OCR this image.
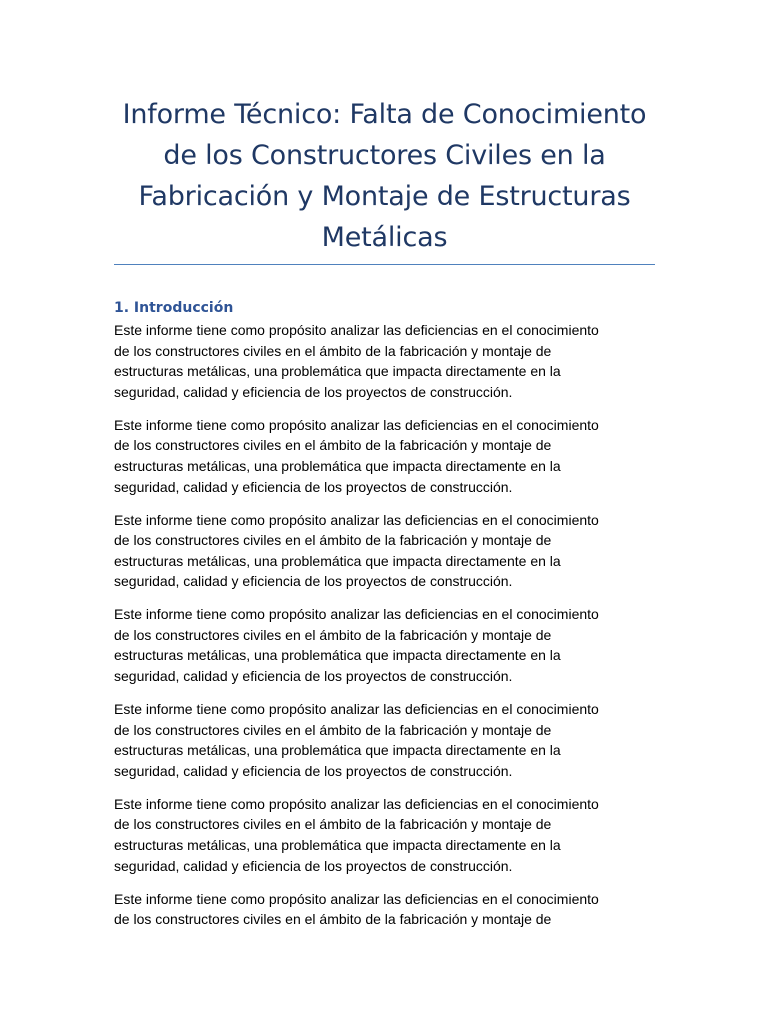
Informe Técnico: Falta de Conocimiento
de los Constructores Civiles en la
Fabricación y Montaje de Estructuras
Metálicas
1. Introducción

Este informe tiene como propósito analizar las deficiencias en el conocimiento
de los constructores civiles en el ámbito de la fabricación y montaje de
estructuras metálicas, una problemática que impacta directamente en la
seguridad, calidad y eficiencia de los proyectos de construcción.

Este informe tiene como propósito analizar las deficiencias en el conocimiento
de los constructores civiles en el ámbito de la fabricación y montaje de
estructuras metálicas, una problemática que impacta directamente en la
seguridad, calidad y eficiencia de los proyectos de construcción.

Este informe tiene como propósito analizar las deficiencias en el conocimiento
de los constructores civiles en el ámbito de la fabricación y montaje de
estructuras metálicas, una problemática que impacta directamente en la
seguridad, calidad y eficiencia de los proyectos de construcción.

Este informe tiene como propósito analizar las deficiencias en el conocimiento
de los constructores civiles en el ámbito de la fabricación y montaje de
estructuras metálicas, una problemática que impacta directamente en la
seguridad, calidad y eficiencia de los proyectos de construcción.

Este informe tiene como propósito analizar las deficiencias en el conocimiento
de los constructores civiles en el ámbito de la fabricación y montaje de
estructuras metálicas, una problemática que impacta directamente en la
seguridad, calidad y eficiencia de los proyectos de construcción.

Este informe tiene como propósito analizar las deficiencias en el conocimiento
de los constructores civiles en el ámbito de la fabricación y montaje de
estructuras metálicas, una problemática que impacta directamente en la
seguridad, calidad y eficiencia de los proyectos de construcción.

Este informe tiene como propósito analizar las deficiencias en el conocimiento
de los constructores civiles en el ámbito de la fabricación y montaje de
